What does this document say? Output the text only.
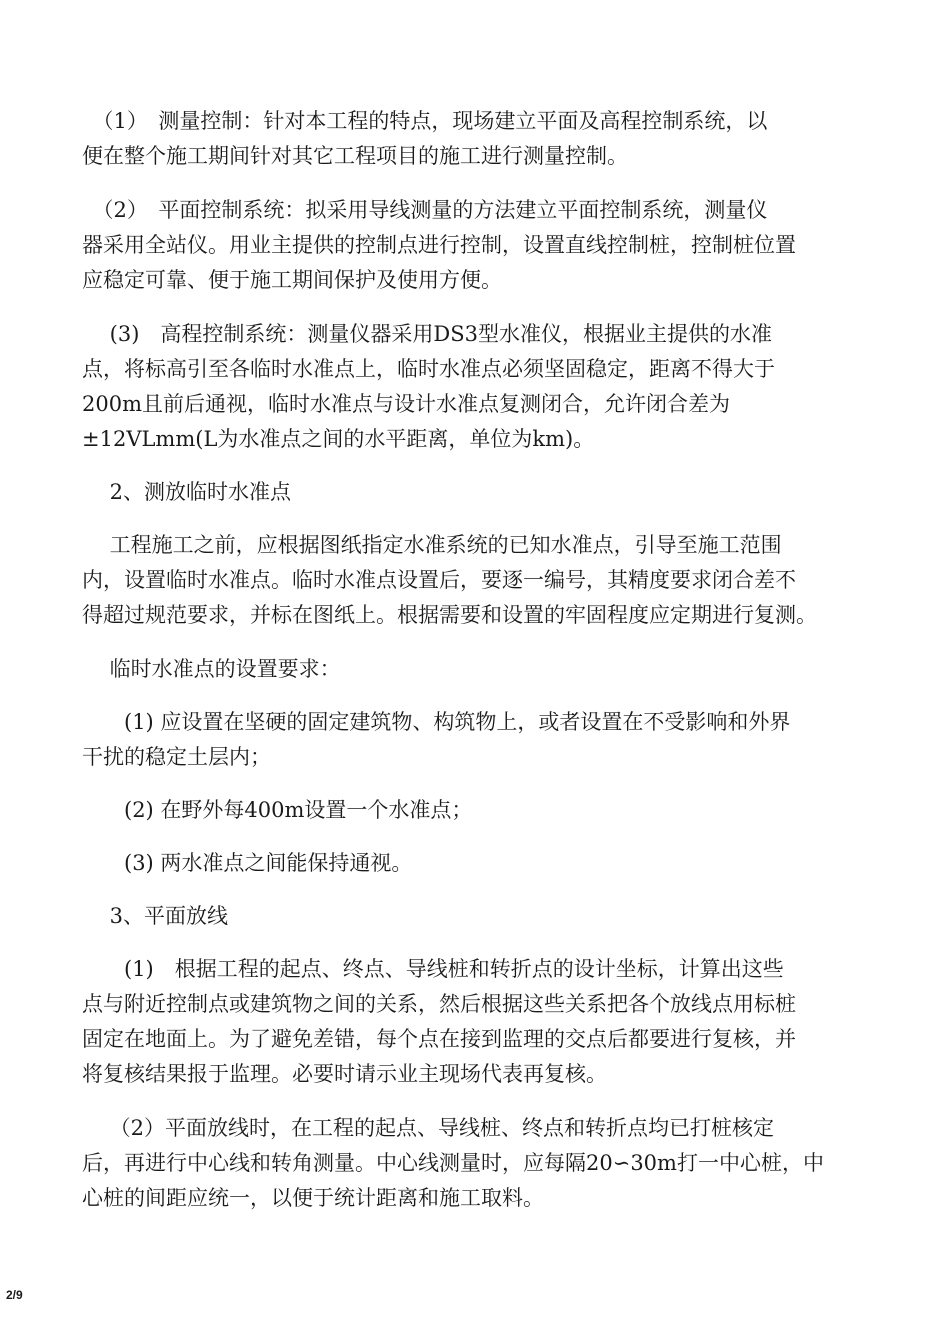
　（1）　测量控制：针对本工程的特点，现场建立平面及高程控制系统，以
便在整个施工期间针对其它工程项目的施工进行测量控制。

　（2）　平面控制系统：拟采用导线测量的方法建立平面控制系统，测量仪
器采用全站仪。用业主提供的控制点进行控制，设置直线控制桩，控制桩位置
应稳定可靠、便于施工期间保护及使用方便。

　 (3)　高程控制系统：测量仪器采用DS3型水准仪，根据业主提供的水准
点，将标高引至各临时水准点上，临时水准点必须坚固稳定，距离不得大于
200m且前后通视，临时水准点与设计水准点复测闭合，允许闭合差为
±12VLmm(L为水准点之间的水平距离，单位为km)。

　 2、测放临时水准点

　 工程施工之前，应根据图纸指定水准系统的已知水准点，引导至施工范围
内，设置临时水准点。临时水准点设置后，要逐一编号，其精度要求闭合差不
得超过规范要求，并标在图纸上。根据需要和设置的牢固程度应定期进行复测。

　 临时水准点的设置要求：

　　(1) 应设置在坚硬的固定建筑物、构筑物上，或者设置在不受影响和外界
干扰的稳定土层内；

　　(2) 在野外每400m设置一个水准点；

　　(3) 两水准点之间能保持通视。

　 3、平面放线

　　(1)　根据工程的起点、终点、导线桩和转折点的设计坐标，计算出这些
点与附近控制点或建筑物之间的关系，然后根据这些关系把各个放线点用标桩
固定在地面上。为了避免差错，每个点在接到监理的交点后都要进行复核，并
将复核结果报于监理。必要时请示业主现场代表再复核。

　 （2）平面放线时，在工程的起点、导线桩、终点和转折点均已打桩核定
后，再进行中心线和转角测量。中心线测量时，应每隔20∽30m打一中心桩，中
心桩的间距应统一，以便于统计距离和施工取料。

2/9
